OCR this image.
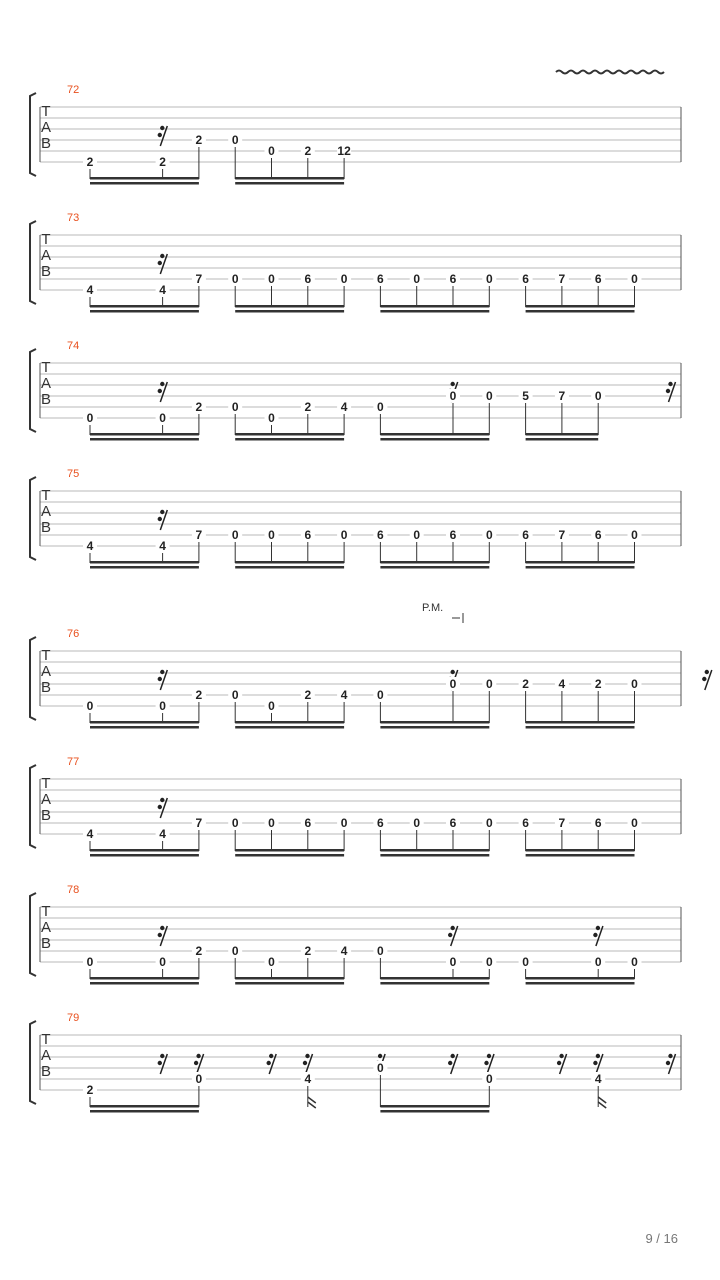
T
A
B
72
2	2
2 0
0 2 12
T
A
B
73
4	4
7 0 0 6 0 6 0 6 0 6 7 6 0
T
A
B
74
0	0
2 0
0
2 4 0
0 0 5 7 0
T
A
B
75
4	4
7 0 0 6 0 6 0 6 0 6 7 6 0
T
A
B
76
0	0
2 0
0
2 4 0
0 0 2 4 2 0
P.M.
T
A
B
77
4	4
7 0 0 6 0 6 0 6 0 6 7 6 0
T
A
B
78
0	0
2 0
0
2 4 0
0 0 0	0 0
T
A
B
79
2
0	4
0
0	4
9 / 16
